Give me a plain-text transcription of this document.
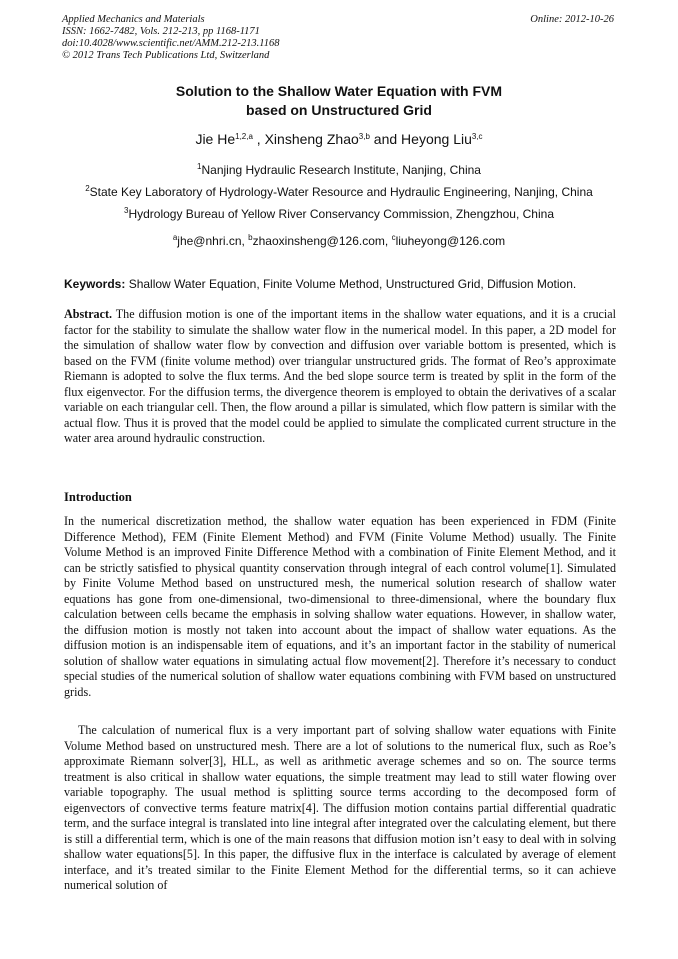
Applied Mechanics and Materials
ISSN: 1662-7482, Vols. 212-213, pp 1168-1171
doi:10.4028/www.scientific.net/AMM.212-213.1168
© 2012 Trans Tech Publications Ltd, Switzerland
Online: 2012-10-26
Solution to the Shallow Water Equation with FVM
based on Unstructured Grid
Jie He$^{1,2,a}$ , Xinsheng Zhao$^{3,b}$ and Heyong Liu$^{3,c}$
$^1$Nanjing Hydraulic Research Institute, Nanjing, China
$^2$State Key Laboratory of Hydrology-Water Resource and Hydraulic Engineering, Nanjing, China
$^3$Hydrology Bureau of Yellow River Conservancy Commission, Zhengzhou, China
$^a$jhe@nhri.cn, $^b$zhaoxinsheng@126.com, $^c$liuheyong@126.com
Keywords: Shallow Water Equation, Finite Volume Method, Unstructured Grid, Diffusion Motion.
Abstract. The diffusion motion is one of the important items in the shallow water equations, and it is a crucial factor for the stability to simulate the shallow water flow in the numerical model. In this paper, a 2D model for the simulation of shallow water flow by convection and diffusion over variable bottom is presented, which is based on the FVM (finite volume method) over triangular unstructured grids. The format of Reo’s approximate Riemann is adopted to solve the flux terms. And the bed slope source term is treated by split in the form of the flux eigenvector. For the diffusion terms, the divergence theorem is employed to obtain the derivatives of a scalar variable on each triangular cell. Then, the flow around a pillar is simulated, which flow pattern is similar with the actual flow. Thus it is proved that the model could be applied to simulate the complicated current structure in the water area around hydraulic construction.
Introduction
In the numerical discretization method, the shallow water equation has been experienced in FDM (Finite Difference Method), FEM (Finite Element Method) and FVM (Finite Volume Method) usually. The Finite Volume Method is an improved Finite Difference Method with a combination of Finite Element Method, and it can be strictly satisfied to physical quantity conservation through integral of each control volume[1]. Simulated by Finite Volume Method based on unstructured mesh, the numerical solution research of shallow water equations has gone from one-dimensional, two-dimensional to three-dimensional, where the boundary flux calculation between cells became the emphasis in solving shallow water equations. However, in shallow water, the diffusion motion is mostly not taken into account about the impact of shallow water equations. As the diffusion motion is an indispensable item of equations, and it’s an important factor in the stability of numerical solution of shallow water equations in simulating actual flow movement[2]. Therefore it’s necessary to conduct special studies of the numerical solution of shallow water equations combining with FVM based on unstructured grids.
The calculation of numerical flux is a very important part of solving shallow water equations with Finite Volume Method based on unstructured mesh. There are a lot of solutions to the numerical flux, such as Roe’s approximate Riemann solver[3], HLL, as well as arithmetic average schemes and so on. The source terms treatment is also critical in shallow water equations, the simple treatment may lead to still water flowing over variable topography. The usual method is splitting source terms according to the decomposed form of eigenvectors of convective terms feature matrix[4]. The diffusion motion contains partial differential quadratic term, and the surface integral is translated into line integral after integrated over the calculating element, but there is still a differential term, which is one of the main reasons that diffusion motion isn’t easy to deal with in solving shallow water equations[5]. In this paper, the diffusive flux in the interface is calculated by average of element interface, and it’s treated similar to the Finite Element Method for the differential terms, so it can achieve numerical solution of
